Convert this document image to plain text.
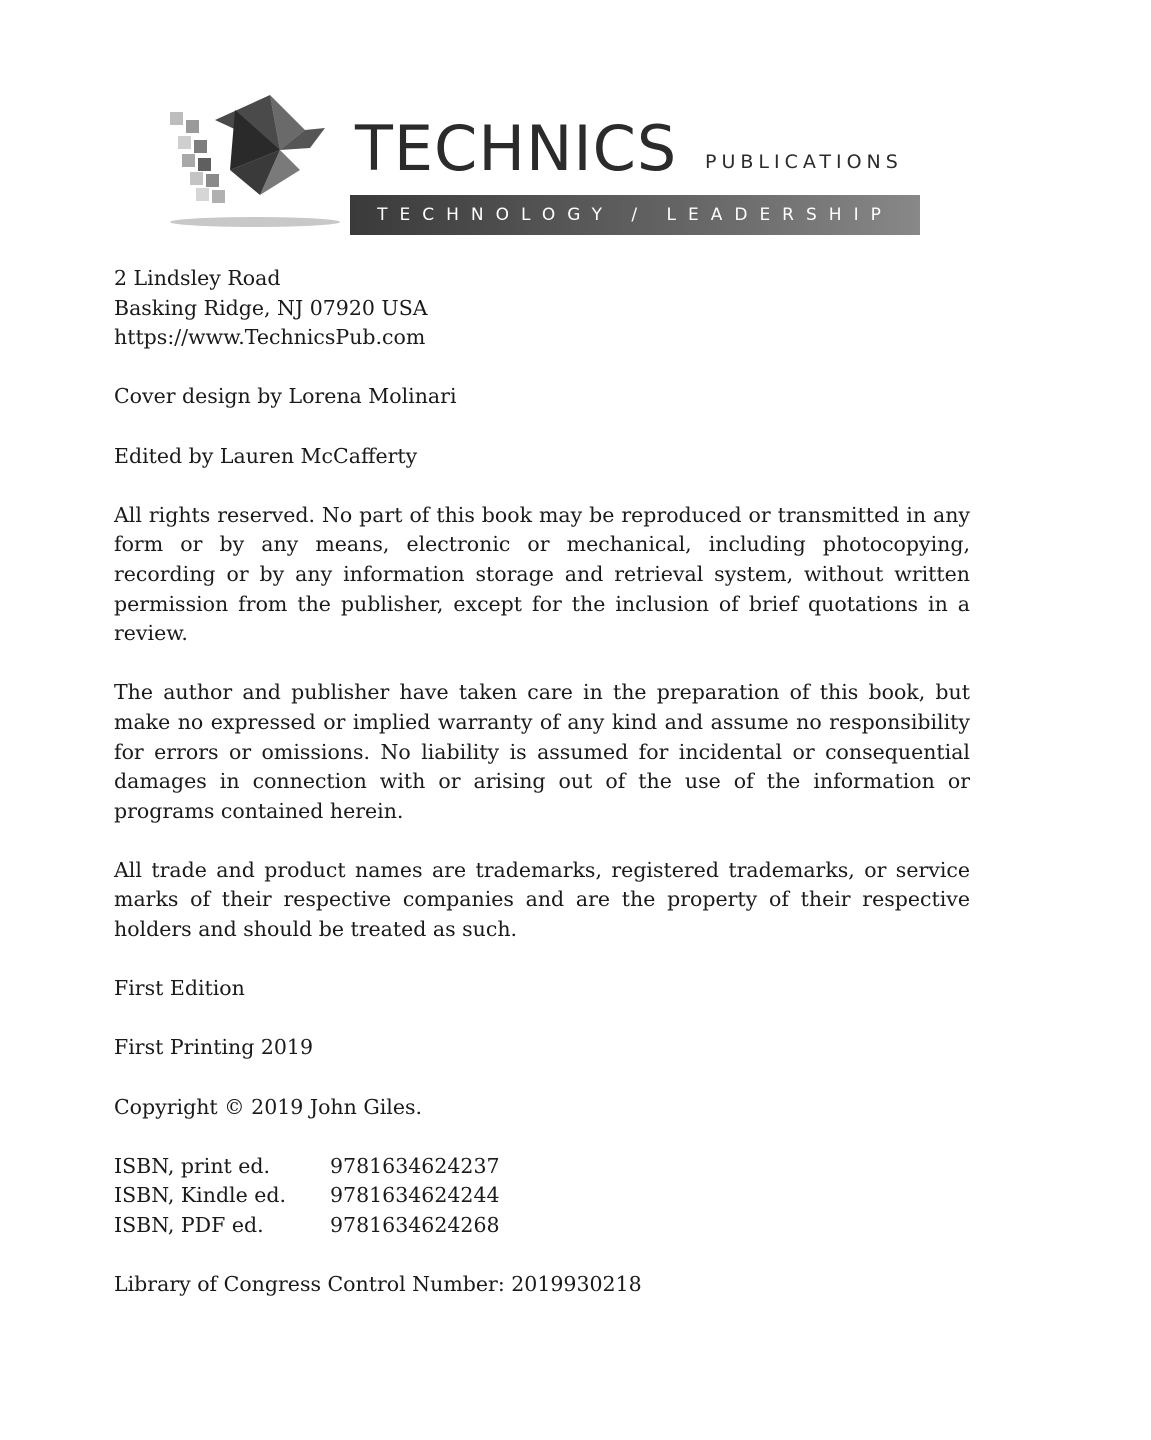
TECHNICS PUBLICATIONS
TECHNOLOGY / LEADERSHIP

2 Lindsley Road
Basking Ridge, NJ 07920 USA
https://www.TechnicsPub.com

Cover design by Lorena Molinari

Edited by Lauren McCafferty

All rights reserved. No part of this book may be reproduced or transmitted in any form or by any means, electronic or mechanical, including photocopying, recording or by any information storage and retrieval system, without written permission from the publisher, except for the inclusion of brief quotations in a review.

The author and publisher have taken care in the preparation of this book, but make no expressed or implied warranty of any kind and assume no responsibility for errors or omissions. No liability is assumed for incidental or consequential damages in connection with or arising out of the use of the information or programs contained herein.

All trade and product names are trademarks, registered trademarks, or service marks of their respective companies and are the property of their respective holders and should be treated as such.

First Edition

First Printing 2019

Copyright © 2019 John Giles.

ISBN, print ed.	9781634624237
ISBN, Kindle ed.	9781634624244
ISBN, PDF ed.	9781634624268

Library of Congress Control Number: 2019930218
